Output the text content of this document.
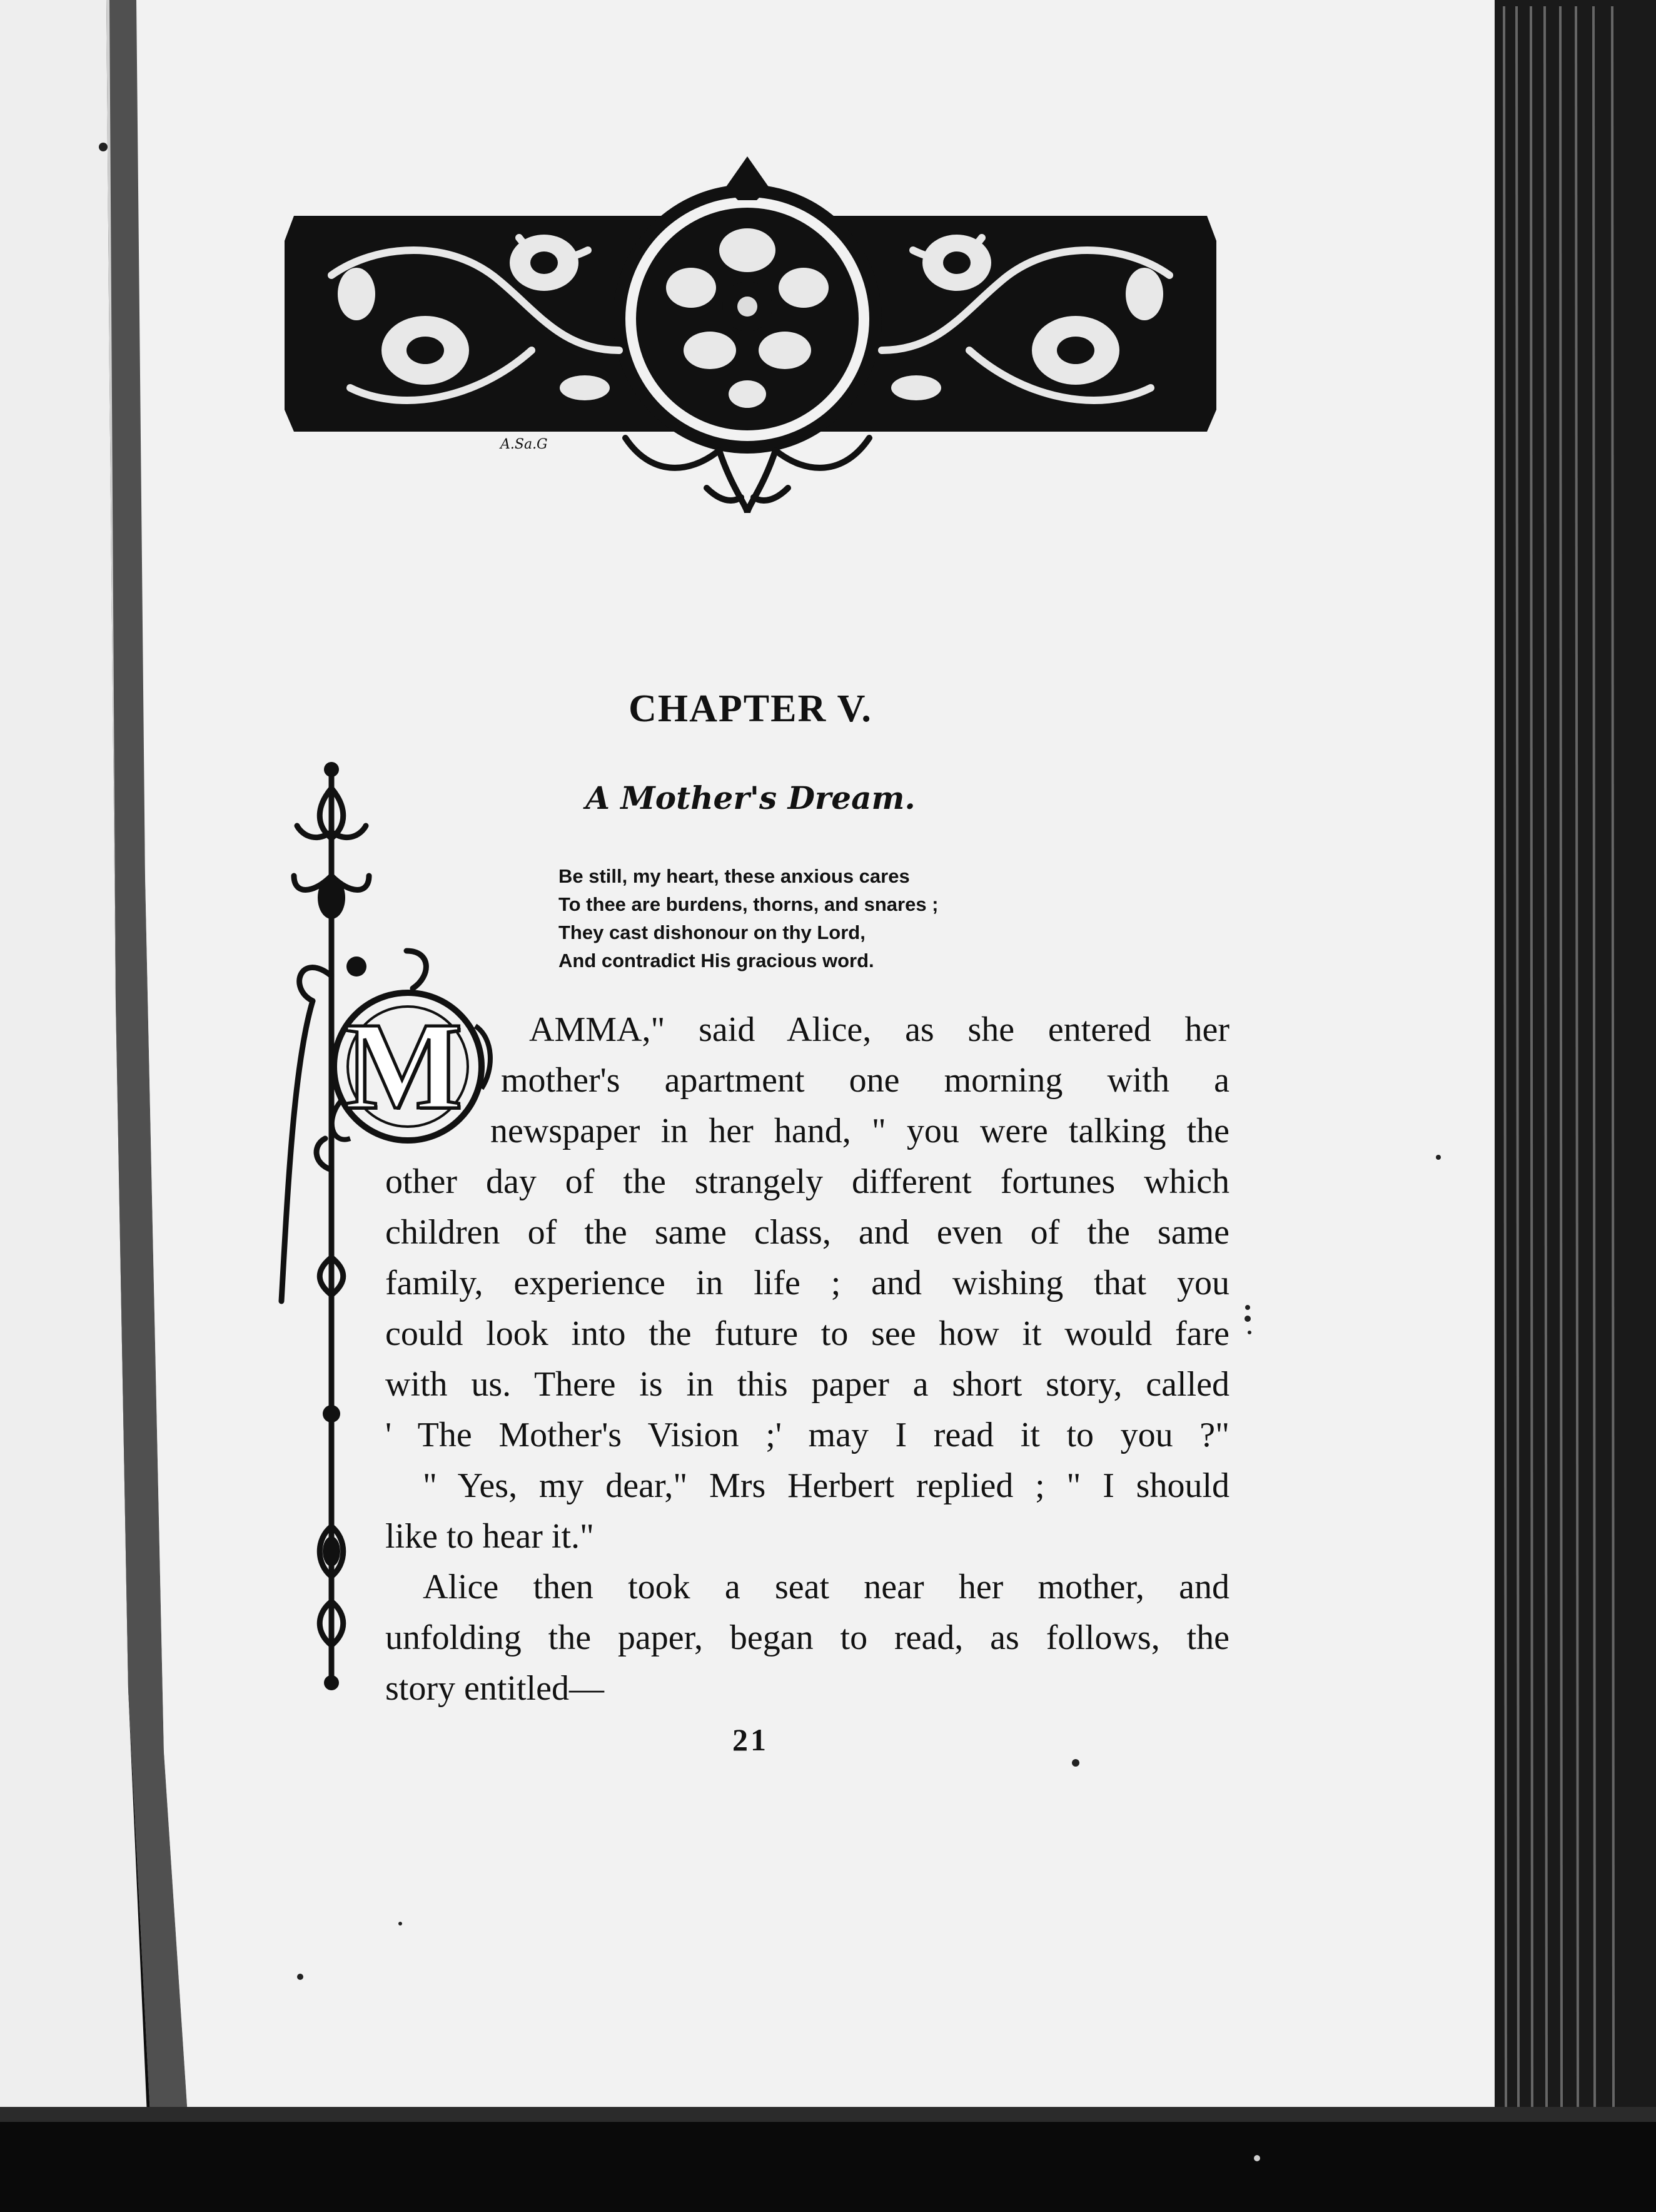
A.Sa.G
M
CHAPTER V.
A Mother's Dream.
Be still, my heart, these anxious cares
To thee are burdens, thorns, and snares ;
They cast dishonour on thy Lord,
And contradict His gracious word.
AMMA," said Alice, as she entered her
mother's apartment one morning with a
newspaper in her hand, " you were talking the
other day of the strangely different fortunes which
children of the same class, and even of the same
family, experience in life ; and wishing that you
could look into the future to see how it would fare
with us. There is in this paper a short story, called
' The Mother's Vision ;' may I read it to you ?"
" Yes, my dear," Mrs Herbert replied ; " I should
like to hear it."
Alice then took a seat near her mother, and
unfolding the paper, began to read, as follows, the
story entitled—
21
